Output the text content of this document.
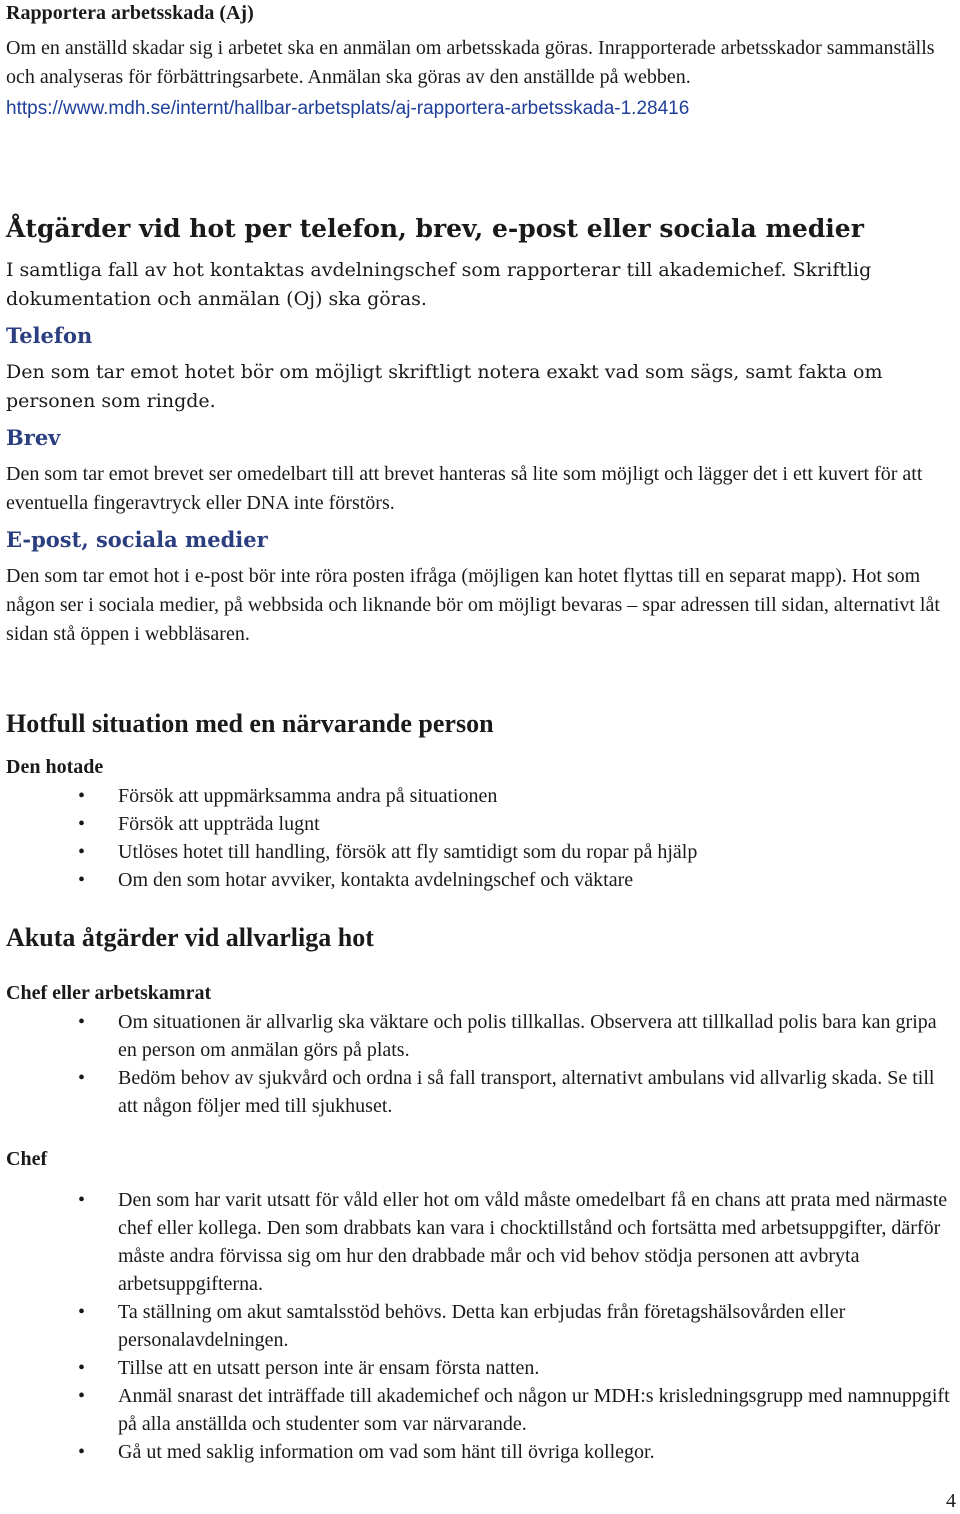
Rapportera arbetsskada (Aj)

Om en anställd skadar sig i arbetet ska en anmälan om arbetsskada göras. Inrapporterade arbetsskador sammanställs och analyseras för förbättringsarbete. Anmälan ska göras av den anställde på webben.

https://www.mdh.se/internt/hallbar-arbetsplats/aj-rapportera-arbetsskada-1.28416
Åtgärder vid hot per telefon, brev, e-post eller sociala medier

I samtliga fall av hot kontaktas avdelningschef som rapporterar till akademichef. Skriftlig dokumentation och anmälan (Oj) ska göras.

Telefon

Den som tar emot hotet bör om möjligt skriftligt notera exakt vad som sägs, samt fakta om personen som ringde.

Brev

Den som tar emot brevet ser omedelbart till att brevet hanteras så lite som möjligt och lägger det i ett kuvert för att eventuella fingeravtryck eller DNA inte förstörs.

E-post, sociala medier

Den som tar emot hot i e-post bör inte röra posten ifråga (möjligen kan hotet flyttas till en separat mapp). Hot som någon ser i sociala medier, på webbsida och liknande bör om möjligt bevaras – spar adressen till sidan, alternativt låt sidan stå öppen i webbläsaren.

Hotfull situation med en närvarande person
Den hotade
• Försök att uppmärksamma andra på situationen
• Försök att uppträda lugnt
• Utlöses hotet till handling, försök att fly samtidigt som du ropar på hjälp
• Om den som hotar avviker, kontakta avdelningschef och väktare
Akuta åtgärder vid allvarliga hot
Chef eller arbetskamrat
• Om situationen är allvarlig ska väktare och polis tillkallas. Observera att tillkallad polis bara kan gripa en person om anmälan görs på plats.
• Bedöm behov av sjukvård och ordna i så fall transport, alternativt ambulans vid allvarlig skada. Se till att någon följer med till sjukhuset.
Chef
• Den som har varit utsatt för våld eller hot om våld måste omedelbart få en chans att prata med närmaste chef eller kollega. Den som drabbats kan vara i chocktillstånd och fortsätta med arbetsuppgifter, därför måste andra förvissa sig om hur den drabbade mår och vid behov stödja personen att avbryta arbetsuppgifterna.
• Ta ställning om akut samtalsstöd behövs. Detta kan erbjudas från företagshälsovården eller personalavdelningen.
• Tillse att en utsatt person inte är ensam första natten.
• Anmäl snarast det inträffade till akademichef och någon ur MDH:s krisledningsgrupp med namnuppgift på alla anställda och studenter som var närvarande.
• Gå ut med saklig information om vad som hänt till övriga kollegor.
4
